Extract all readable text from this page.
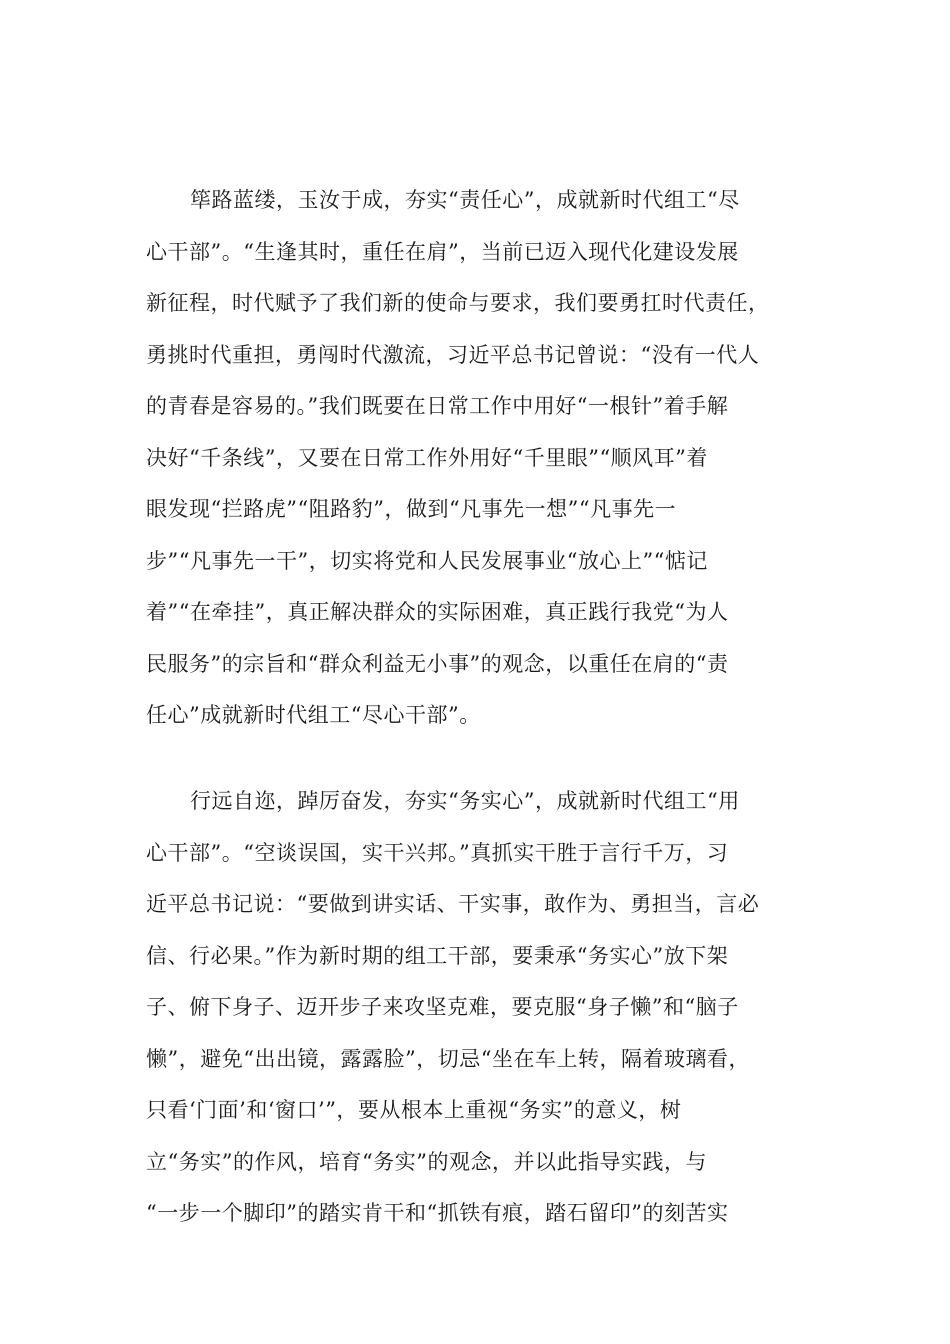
筚路蓝缕，玉汝于成，夯实“责任心”，成就新时代组工“尽
心干部”。“生逢其时，重任在肩”，当前已迈入现代化建设发展
新征程，时代赋予了我们新的使命与要求，我们要勇扛时代责任，
勇挑时代重担，勇闯时代激流，习近平总书记曾说：“没有一代人
的青春是容易的。”我们既要在日常工作中用好“一根针”着手解
决好“千条线”，又要在日常工作外用好“千里眼”“顺风耳”着
眼发现“拦路虎”“阻路豹”，做到“凡事先一想”“凡事先一
步”“凡事先一干”，切实将党和人民发展事业“放心上”“惦记
着”“在牵挂”，真正解决群众的实际困难，真正践行我党“为人
民服务”的宗旨和“群众利益无小事”的观念，以重任在肩的“责
任心”成就新时代组工“尽心干部”。
行远自迩，踔厉奋发，夯实“务实心”，成就新时代组工“用
心干部”。“空谈误国，实干兴邦。”真抓实干胜于言行千万，习
近平总书记说：“要做到讲实话、干实事，敢作为、勇担当，言必
信、行必果。”作为新时期的组工干部，要秉承“务实心”放下架
子、俯下身子、迈开步子来攻坚克难，要克服“身子懒”和“脑子
懒”，避免“出出镜，露露脸”，切忌“坐在车上转，隔着玻璃看，
只看‘门面’和‘窗口’”，要从根本上重视“务实”的意义，树
立“务实”的作风，培育“务实”的观念，并以此指导实践，与
“一步一个脚印”的踏实肯干和“抓铁有痕，踏石留印”的刻苦实
